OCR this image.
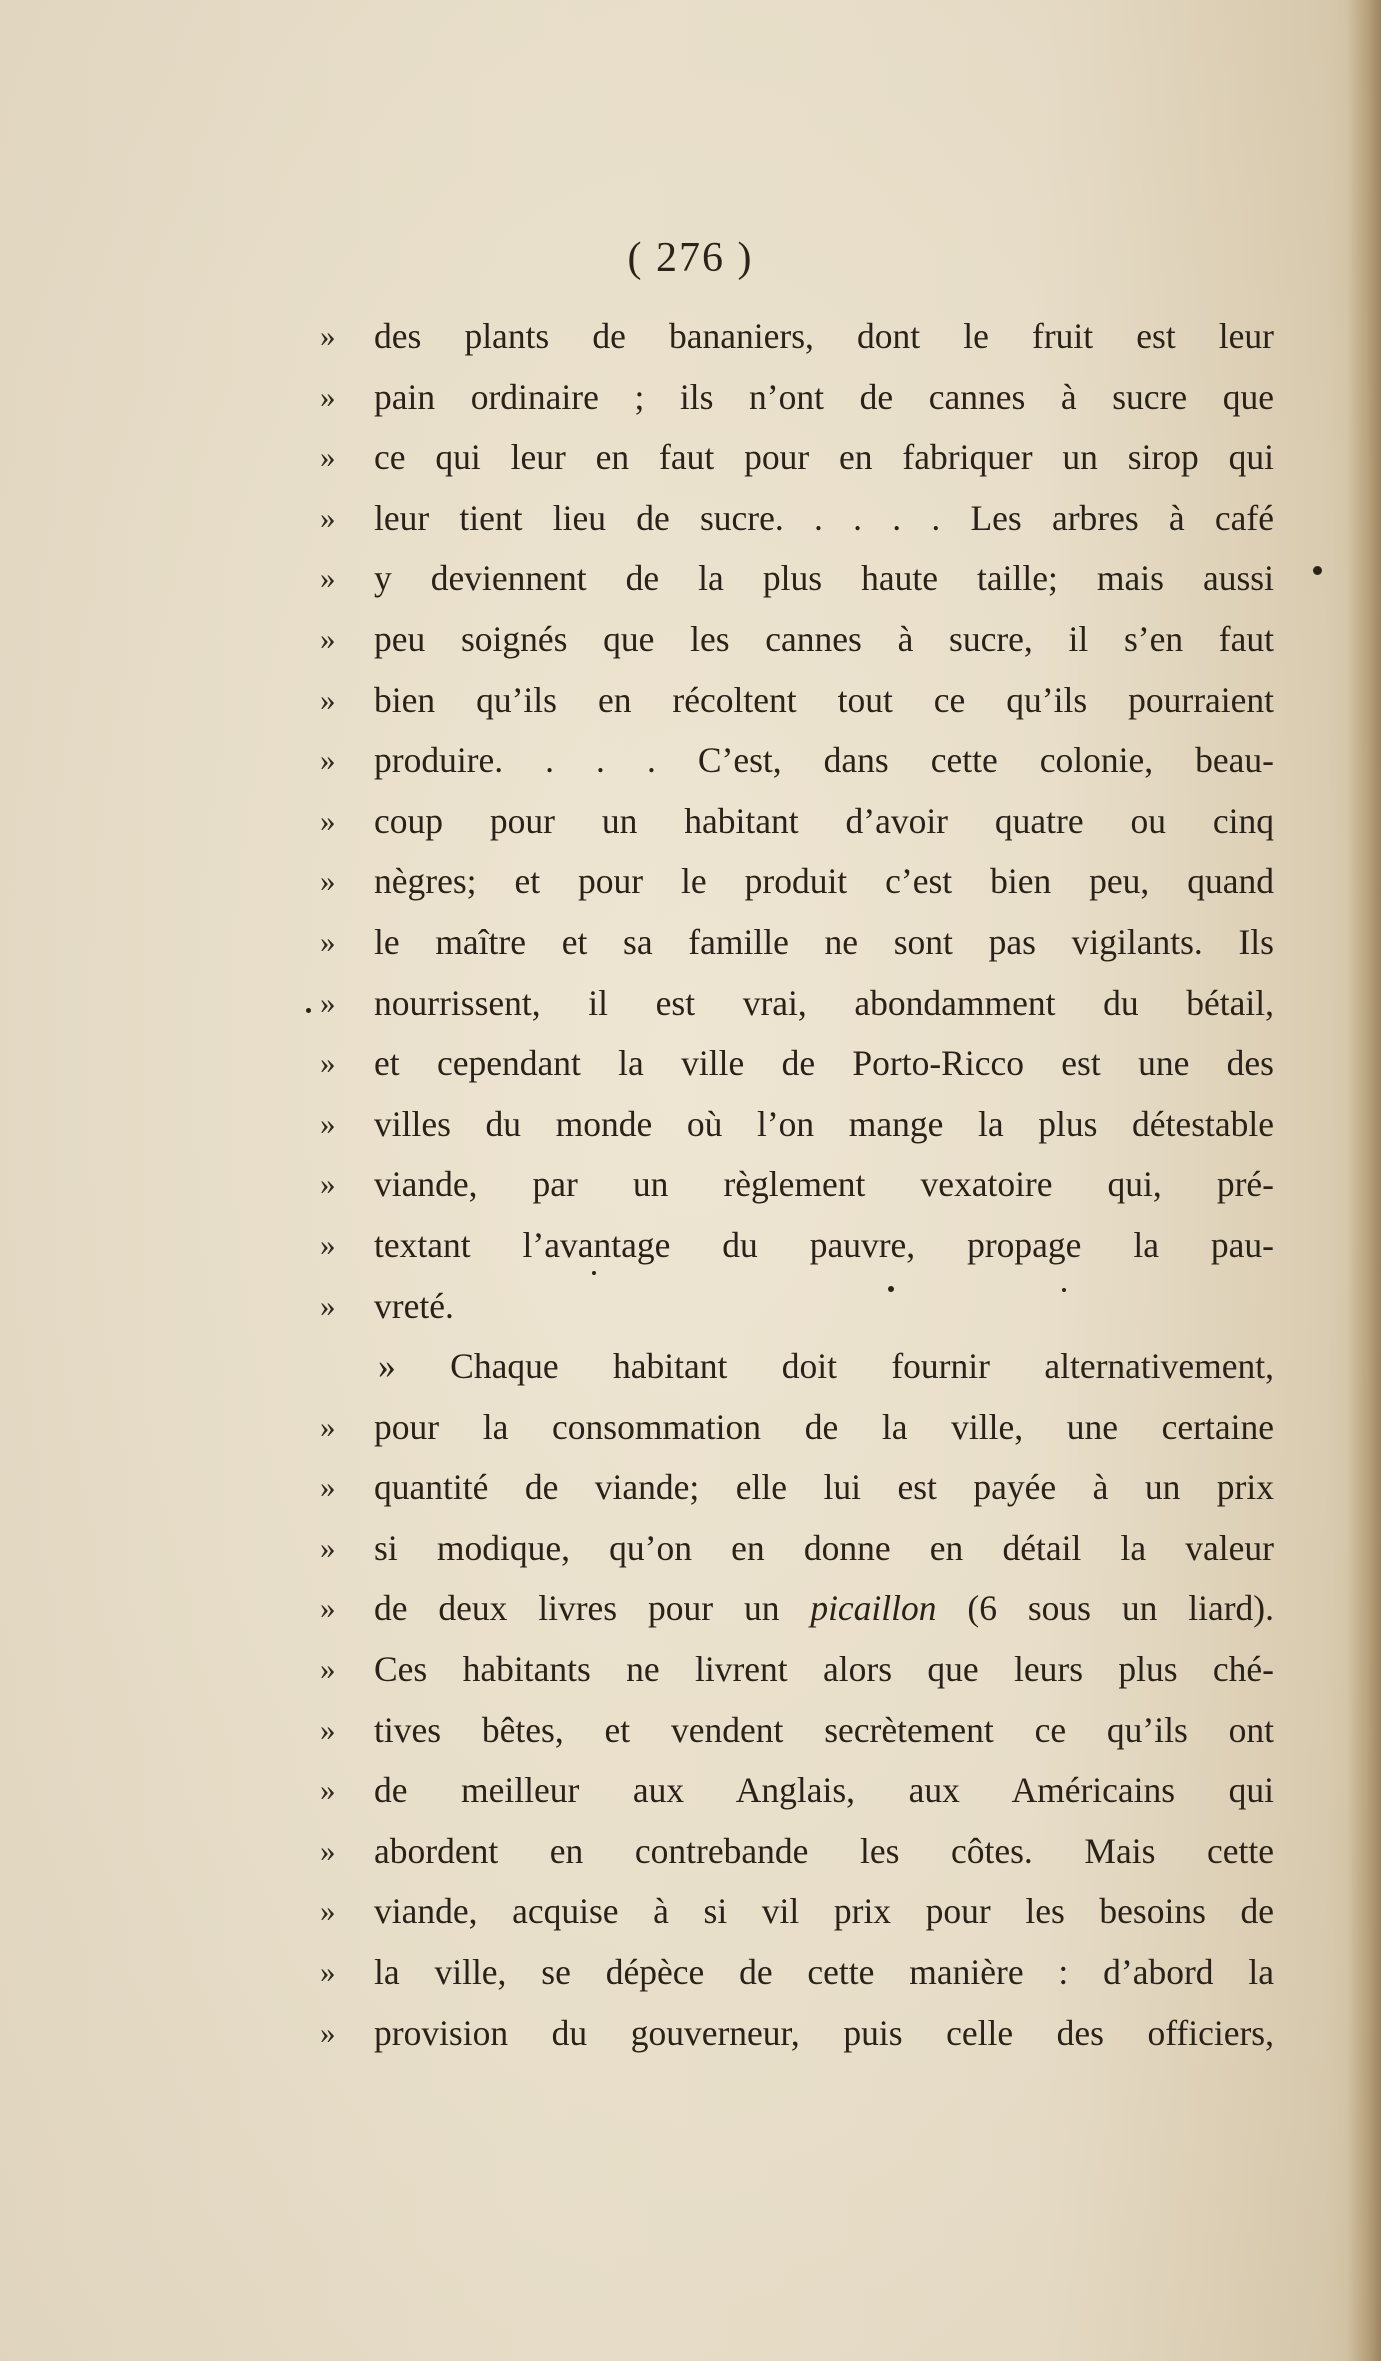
( 276 )
»	des plants de bananiers, dont le fruit est leur
»	pain ordinaire ; ils n’ont de cannes à sucre que
»	ce qui leur en faut pour en fabriquer un sirop qui
»	leur tient lieu de sucre. . . . . Les arbres à café
»	y deviennent de la plus haute taille; mais aussi
»	peu soignés que les cannes à sucre, il s’en faut
»	bien qu’ils en récoltent tout ce qu’ils pourraient
»	produire. . . . C’est, dans cette colonie, beau-
»	coup pour un habitant d’avoir quatre ou cinq
»	nègres; et pour le produit c’est bien peu, quand
»	le maître et sa famille ne sont pas vigilants. Ils
»	nourrissent, il est vrai, abondamment du bétail,
»	et cependant la ville de Porto-Ricco est une des
»	villes du monde où l’on mange la plus détestable
»	viande, par un règlement vexatoire qui, pré-
»	textant l’avantage du pauvre, propage la pau-
»	vreté.
» Chaque habitant doit fournir alternativement,
»	pour la consommation de la ville, une certaine
»	quantité de viande; elle lui est payée à un prix
»	si modique, qu’on en donne en détail la valeur
»	de deux livres pour un picaillon (6 sous un liard).
»	Ces habitants ne livrent alors que leurs plus ché-
»	tives bêtes, et vendent secrètement ce qu’ils ont
»	de meilleur aux Anglais, aux Américains qui
»	abordent en contrebande les côtes. Mais cette
»	viande, acquise à si vil prix pour les besoins de
»	la ville, se dépèce de cette manière : d’abord la
»	provision du gouverneur, puis celle des officiers,
